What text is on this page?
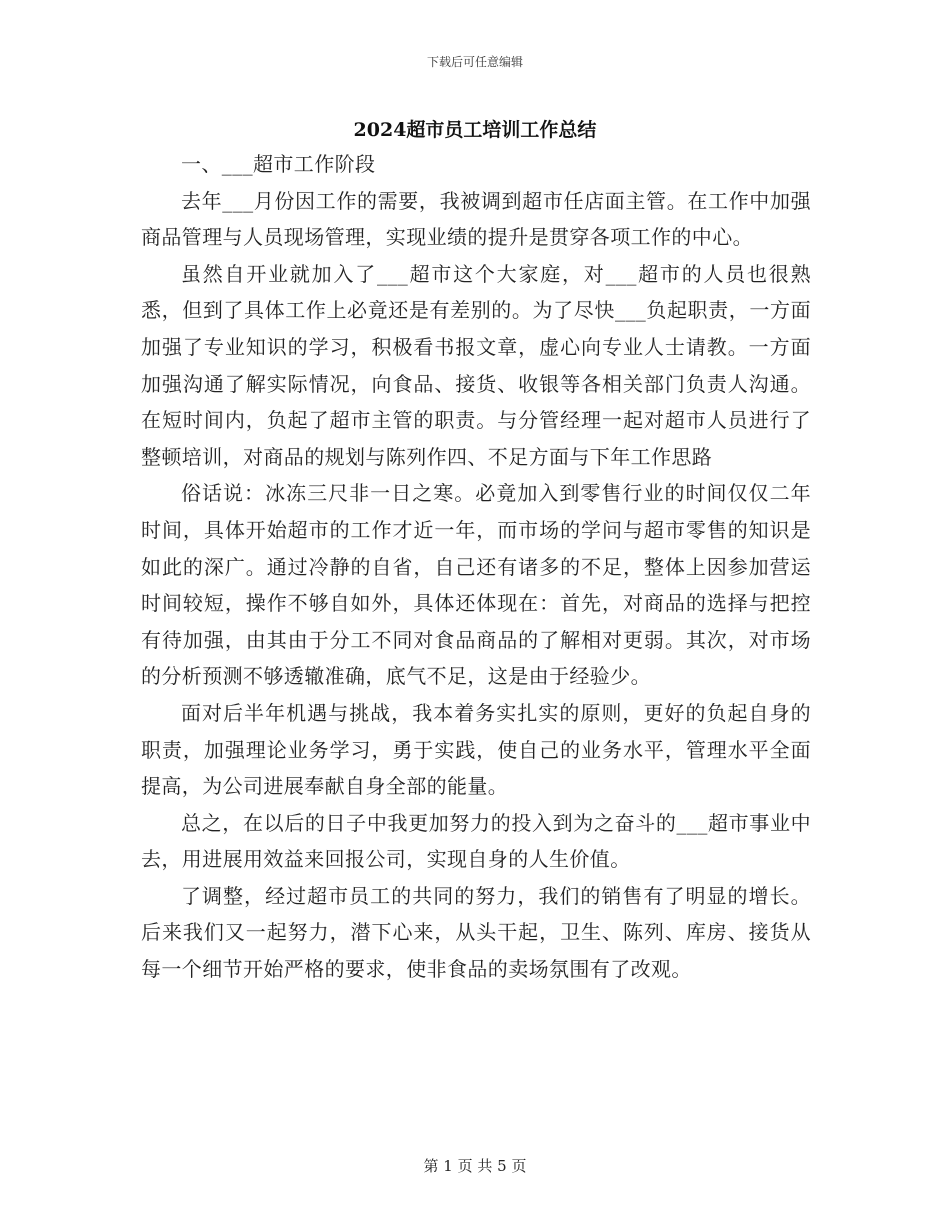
下载后可任意编辑
2024超市员工培训工作总结

一、___超市工作阶段

去年___月份因工作的需要，我被调到超市任店面主管。在工作中加强商品管理与人员现场管理，实现业绩的提升是贯穿各项工作的中心。

虽然自开业就加入了___超市这个大家庭，对___超市的人员也很熟悉，但到了具体工作上必竟还是有差别的。为了尽快___负起职责，一方面加强了专业知识的学习，积极看书报文章，虚心向专业人士请教。一方面加强沟通了解实际情况，向食品、接货、收银等各相关部门负责人沟通。在短时间内，负起了超市主管的职责。与分管经理一起对超市人员进行了整顿培训，对商品的规划与陈列作四、不足方面与下年工作思路

俗话说：冰冻三尺非一日之寒。必竟加入到零售行业的时间仅仅二年时间，具体开始超市的工作才近一年，而市场的学问与超市零售的知识是如此的深广。通过冷静的自省，自己还有诸多的不足，整体上因参加营运时间较短，操作不够自如外，具体还体现在：首先，对商品的选择与把控有待加强，由其由于分工不同对食品商品的了解相对更弱。其次，对市场的分析预测不够透辙准确，底气不足，这是由于经验少。

面对后半年机遇与挑战，我本着务实扎实的原则，更好的负起自身的职责，加强理论业务学习，勇于实践，使自己的业务水平，管理水平全面提高，为公司进展奉献自身全部的能量。

总之，在以后的日子中我更加努力的投入到为之奋斗的___超市事业中去，用进展用效益来回报公司，实现自身的人生价值。

了调整，经过超市员工的共同的努力，我们的销售有了明显的增长。后来我们又一起努力，潜下心来，从头干起，卫生、陈列、库房、接货从每一个细节开始严格的要求，使非食品的卖场氛围有了改观。

第 1 页 共 5 页
